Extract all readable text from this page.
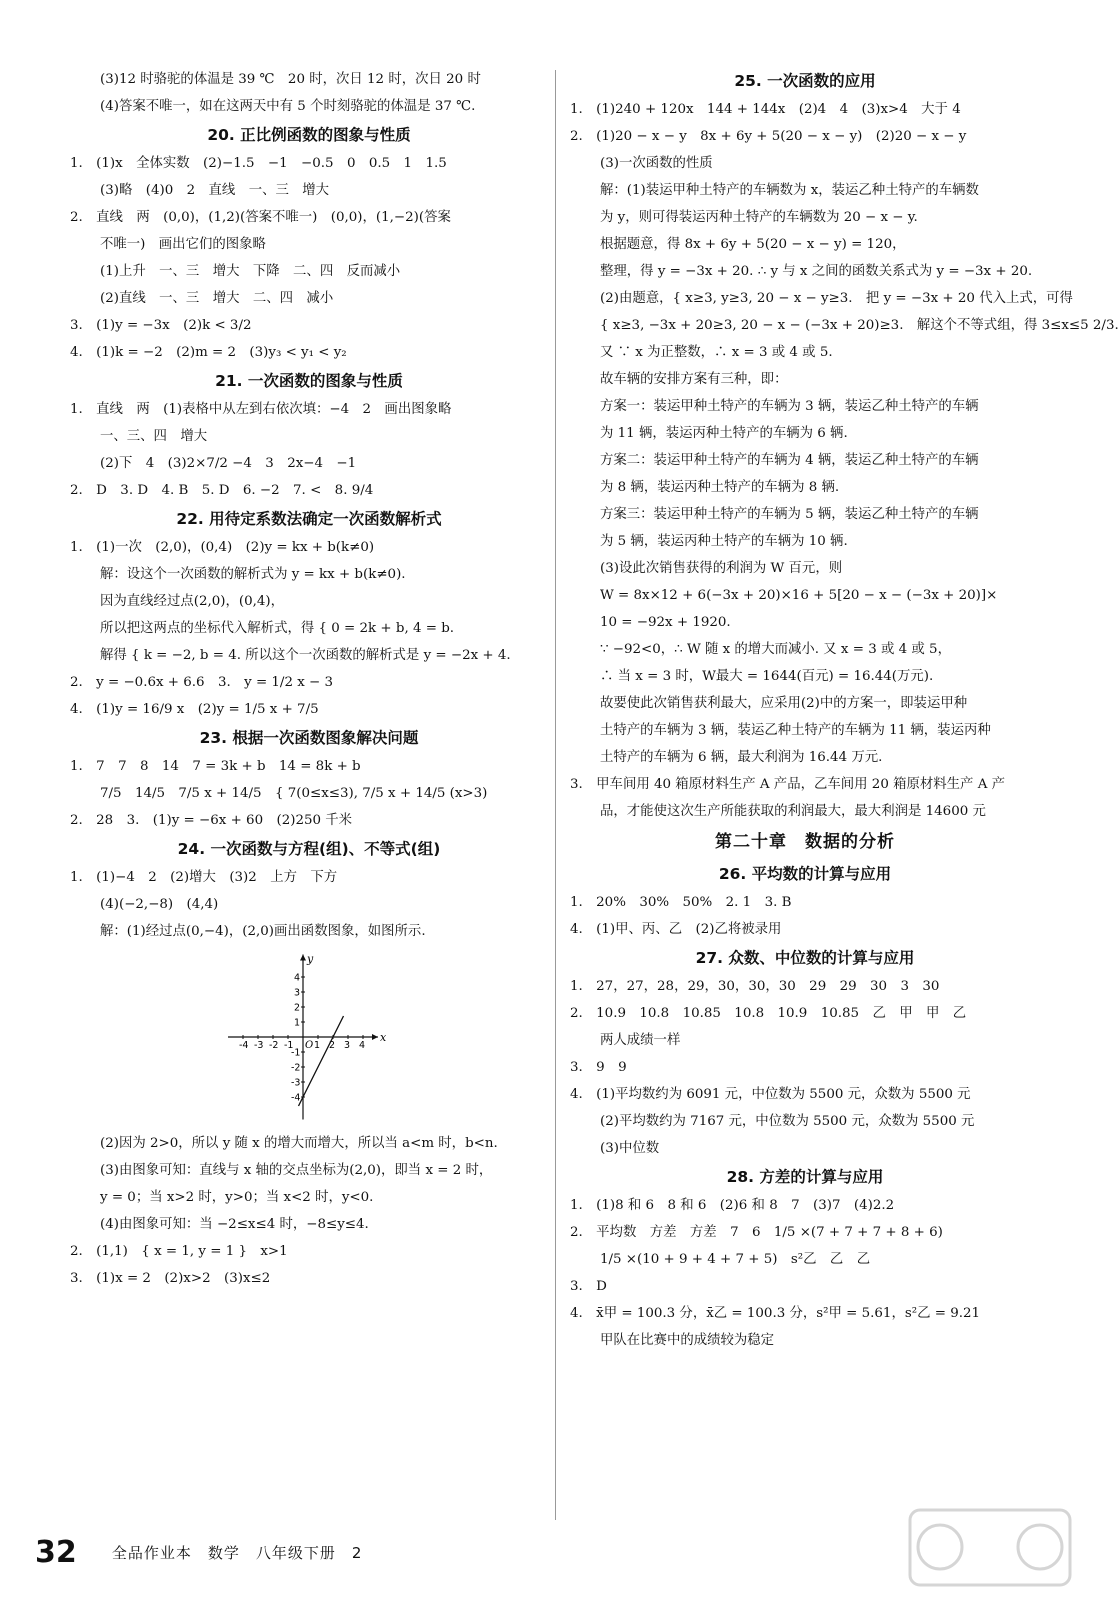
(3)12 时骆驼的体温是 39 ℃　20 时，次日 12 时，次日 20 时
(4)答案不唯一，如在这两天中有 5 个时刻骆驼的体温是 37 ℃.
20. 正比例函数的图象与性质
1.　(1)x　全体实数　(2)−1.5　−1　−0.5　0　0.5　1　1.5
(3)略　(4)0　2　直线　一、三　增大
2.　直线　两　(0,0)，(1,2)(答案不唯一)　(0,0)，(1,−2)(答案
不唯一)　画出它们的图象略
(1)上升　一、三　增大　下降　二、四　反而减小
(2)直线　一、三　增大　二、四　减小
3.　(1)y = −3x　(2)k < 3/2
4.　(1)k = −2　(2)m = 2　(3)y₃ < y₁ < y₂
21. 一次函数的图象与性质
1.　直线　两　(1)表格中从左到右依次填：−4　2　画出图象略
一、三、四　增大
(2)下　4　(3)2×7/2 −4　3　2x−4　−1
2.　D　3. D　4. B　5. D　6. −2　7. <　8. 9/4
22. 用待定系数法确定一次函数解析式
1.　(1)一次　(2,0)，(0,4)　(2)y = kx + b(k≠0)
解：设这个一次函数的解析式为 y = kx + b(k≠0).
因为直线经过点(2,0)，(0,4)，
所以把这两点的坐标代入解析式，得 { 0 = 2k + b, 4 = b.
解得 { k = −2, b = 4. 所以这个一次函数的解析式是 y = −2x + 4.
2.　y = −0.6x + 6.6　3.　y = 1/2 x − 3
4.　(1)y = 16/9 x　(2)y = 1/5 x + 7/5
23. 根据一次函数图象解决问题
1.　7　7　8　14　7 = 3k + b　14 = 8k + b
7/5　14/5　7/5 x + 14/5　{ 7(0≤x≤3), 7/5 x + 14/5 (x>3)
2.　28　3.　(1)y = −6x + 60　(2)250 千米
24. 一次函数与方程(组)、不等式(组)
1.　(1)−4　2　(2)增大　(3)2　上方　下方
(4)(−2,−8)　(4,4)
解：(1)经过点(0,−4)，(2,0)画出函数图象，如图所示.
x
y
O
-4 -3 -2 -1 1 2 3 4
4
3
2
1
-1
-2
-3
-4
(2)因为 2>0，所以 y 随 x 的增大而增大，所以当 a<m 时，b<n.
(3)由图象可知：直线与 x 轴的交点坐标为(2,0)，即当 x = 2 时，
y = 0；当 x>2 时，y>0；当 x<2 时，y<0.
(4)由图象可知：当 −2≤x≤4 时，−8≤y≤4.
2.　(1,1)　{ x = 1, y = 1 }　x>1
3.　(1)x = 2　(2)x>2　(3)x≤2
25. 一次函数的应用
1.　(1)240 + 120x　144 + 144x　(2)4　4　(3)x>4　大于 4
2.　(1)20 − x − y　8x + 6y + 5(20 − x − y)　(2)20 − x − y
(3)一次函数的性质
解：(1)装运甲种土特产的车辆数为 x，装运乙种土特产的车辆数
为 y，则可得装运丙种土特产的车辆数为 20 − x − y.
根据题意，得 8x + 6y + 5(20 − x − y) = 120，
整理，得 y = −3x + 20. ∴ y 与 x 之间的函数关系式为 y = −3x + 20.
(2)由题意，{ x≥3, y≥3, 20 − x − y≥3.　把 y = −3x + 20 代入上式，可得
{ x≥3, −3x + 20≥3, 20 − x − (−3x + 20)≥3.　解这个不等式组，得 3≤x≤5 2/3.
又 ∵ x 为正整数，∴ x = 3 或 4 或 5.
故车辆的安排方案有三种，即：
方案一：装运甲种土特产的车辆为 3 辆，装运乙种土特产的车辆
为 11 辆，装运丙种土特产的车辆为 6 辆.
方案二：装运甲种土特产的车辆为 4 辆，装运乙种土特产的车辆
为 8 辆，装运丙种土特产的车辆为 8 辆.
方案三：装运甲种土特产的车辆为 5 辆，装运乙种土特产的车辆
为 5 辆，装运丙种土特产的车辆为 10 辆.
(3)设此次销售获得的利润为 W 百元，则
W = 8x×12 + 6(−3x + 20)×16 + 5[20 − x − (−3x + 20)]×
10 = −92x + 1920.
∵ −92<0，∴ W 随 x 的增大而减小. 又 x = 3 或 4 或 5，
∴ 当 x = 3 时，W最大 = 1644(百元) = 16.44(万元).
故要使此次销售获利最大，应采用(2)中的方案一，即装运甲种
土特产的车辆为 3 辆，装运乙种土特产的车辆为 11 辆，装运丙种
土特产的车辆为 6 辆，最大利润为 16.44 万元.
3.　甲车间用 40 箱原材料生产 A 产品，乙车间用 20 箱原材料生产 A 产
品，才能使这次生产所能获取的利润最大，最大利润是 14600 元
第二十章　数据的分析
26. 平均数的计算与应用
1.　20%　30%　50%　2. 1　3. B
4.　(1)甲、丙、乙　(2)乙将被录用
27. 众数、中位数的计算与应用
1.　27，27，28，29，30，30，30　29　29　30　3　30
2.　10.9　10.8　10.85　10.8　10.9　10.85　乙　甲　甲　乙
两人成绩一样
3.　9　9
4.　(1)平均数约为 6091 元，中位数为 5500 元，众数为 5500 元
(2)平均数约为 7167 元，中位数为 5500 元，众数为 5500 元
(3)中位数
28. 方差的计算与应用
1.　(1)8 和 6　8 和 6　(2)6 和 8　7　(3)7　(4)2.2
2.　平均数　方差　方差　7　6　1/5 ×(7 + 7 + 7 + 8 + 6)
1/5 ×(10 + 9 + 4 + 7 + 5)　s²乙　乙　乙
3.　D
4.　x̄甲 = 100.3 分，x̄乙 = 100.3 分，s²甲 = 5.61，s²乙 = 9.21
甲队在比赛中的成绩较为稳定
32 全品作业本　数学　八年级下册　2
